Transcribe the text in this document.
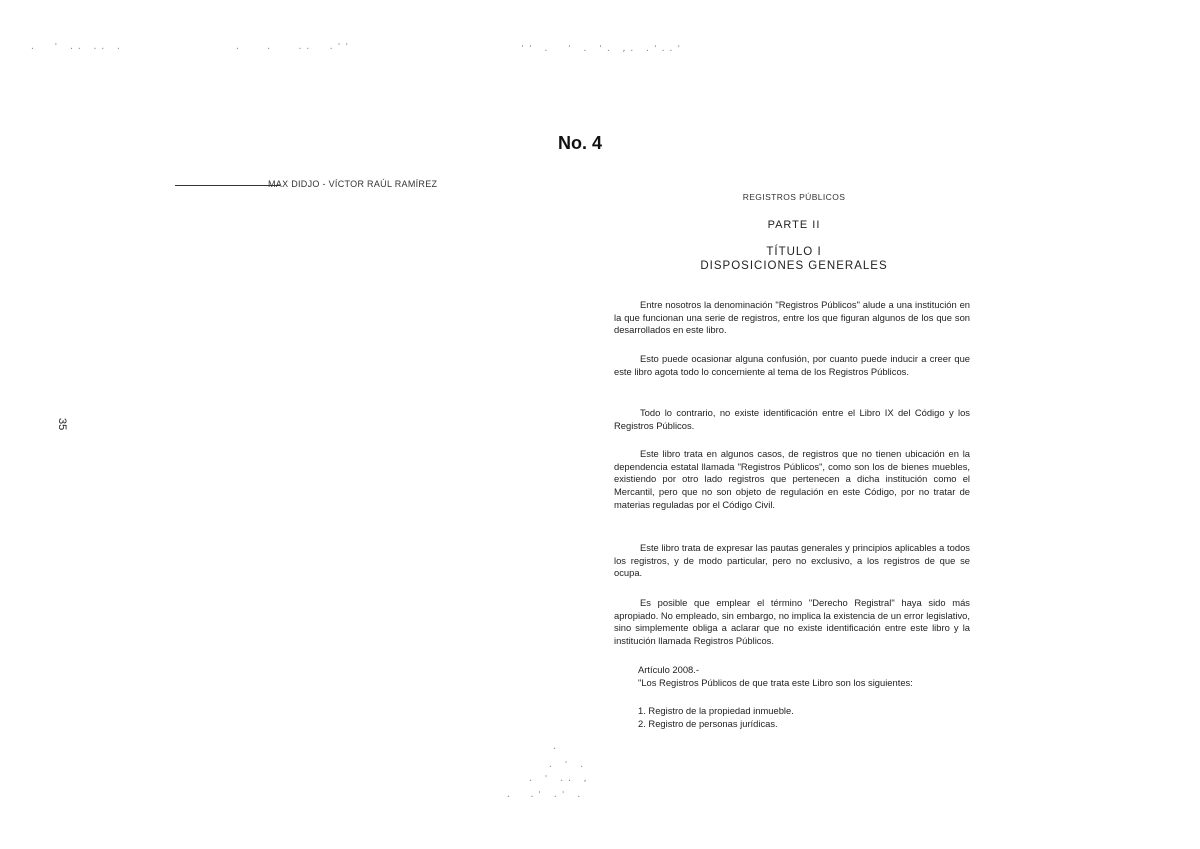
.  ' .. .. .	.   .   ..  .''	'' .  ' . '. ,. .'..'
.
. ' .
. ' .. ,
.  .' .' .
No. 4
MAX DIDJO - VÍCTOR RAÚL RAMÍREZ
35
REGISTROS PÚBLICOS
PARTE II
TÍTULO I
DISPOSICIONES GENERALES

Entre nosotros la denominación "Registros Públicos" alude a una institución en la que funcionan una serie de registros, entre los que figuran algunos de los que son desarrollados en este libro.

Esto puede ocasionar alguna confusión, por cuanto puede inducir a creer que este libro agota todo lo concerniente al tema de los Registros Públicos.

Todo lo contrario, no existe identificación entre el Libro IX del Código y los Registros Públicos.

Este libro trata en algunos casos, de registros que no tienen ubicación en la dependencia estatal llamada "Registros Públicos", como son los de bienes muebles, existiendo por otro lado registros que pertenecen a dicha institución como el Mercantil, pero que no son objeto de regulación en este Código, por no tratar de materias reguladas por el Código Civil.

Este libro trata de expresar las pautas generales y principios aplicables a todos los registros, y de modo particular, pero no exclusivo, a los registros de que se ocupa.

Es posible que emplear el término "Derecho Registral" haya sido más apropiado. No empleado, sin embargo, no implica la existencia de un error legislativo, sino simplemente obliga a aclarar que no existe identificación entre este libro y la institución llamada Registros Públicos.

Artículo 2008.-

"Los Registros Públicos de que trata este Libro son los siguientes:

1. Registro de la propiedad inmueble.
2. Registro de personas jurídicas.
